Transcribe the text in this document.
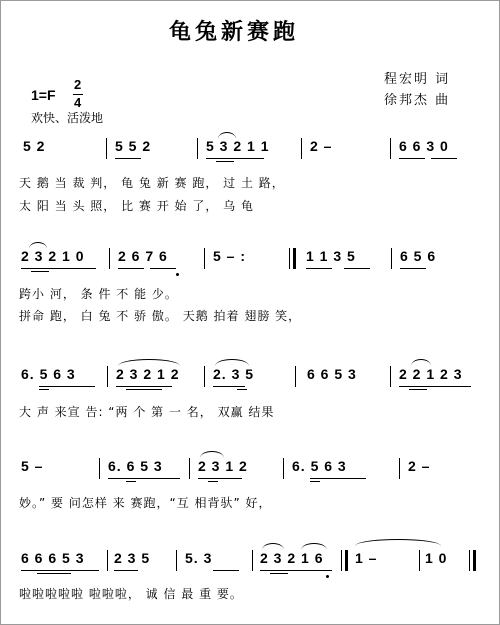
龟兔新赛跑
程宏明 词
徐邦杰 曲
1=F
2
4
欢快、活泼地
5 2	5 5 2	5 3 2 1 1	2 –	6 6 3 0
天 鹅 当 裁 判， 龟 兔 新 赛 跑， 过 土 路，
太 阳 当 头 照， 比 赛 开 始 了， 乌 龟
2 3 2 1 0 2 6 7 6	5 – :	1 1 3 5	6 5 6
跨小 河， 条 件 不 能 少。
拼命 跑， 白 兔 不 骄 傲。 天鹅 拍着 翅膀 笑，
6. 5 6 3	2 3 2 1 2 2. 3 5	6 6 5 3	2 2 1 2 3
大 声 来宣 告: “两 个 第 一 名， 双赢 结果
5 –	6. 6 5 3	2 3 1 2	6. 5 6 3	2 –
妙。” 要 问怎样 来 赛跑，“互 相背驮” 好，
6 6 6 5 3 2 3 5 5. 3	2 3 2 1 6 1 –	1 0
啦啦啦啦啦 啦啦啦， 诚 信 最 重 要。
